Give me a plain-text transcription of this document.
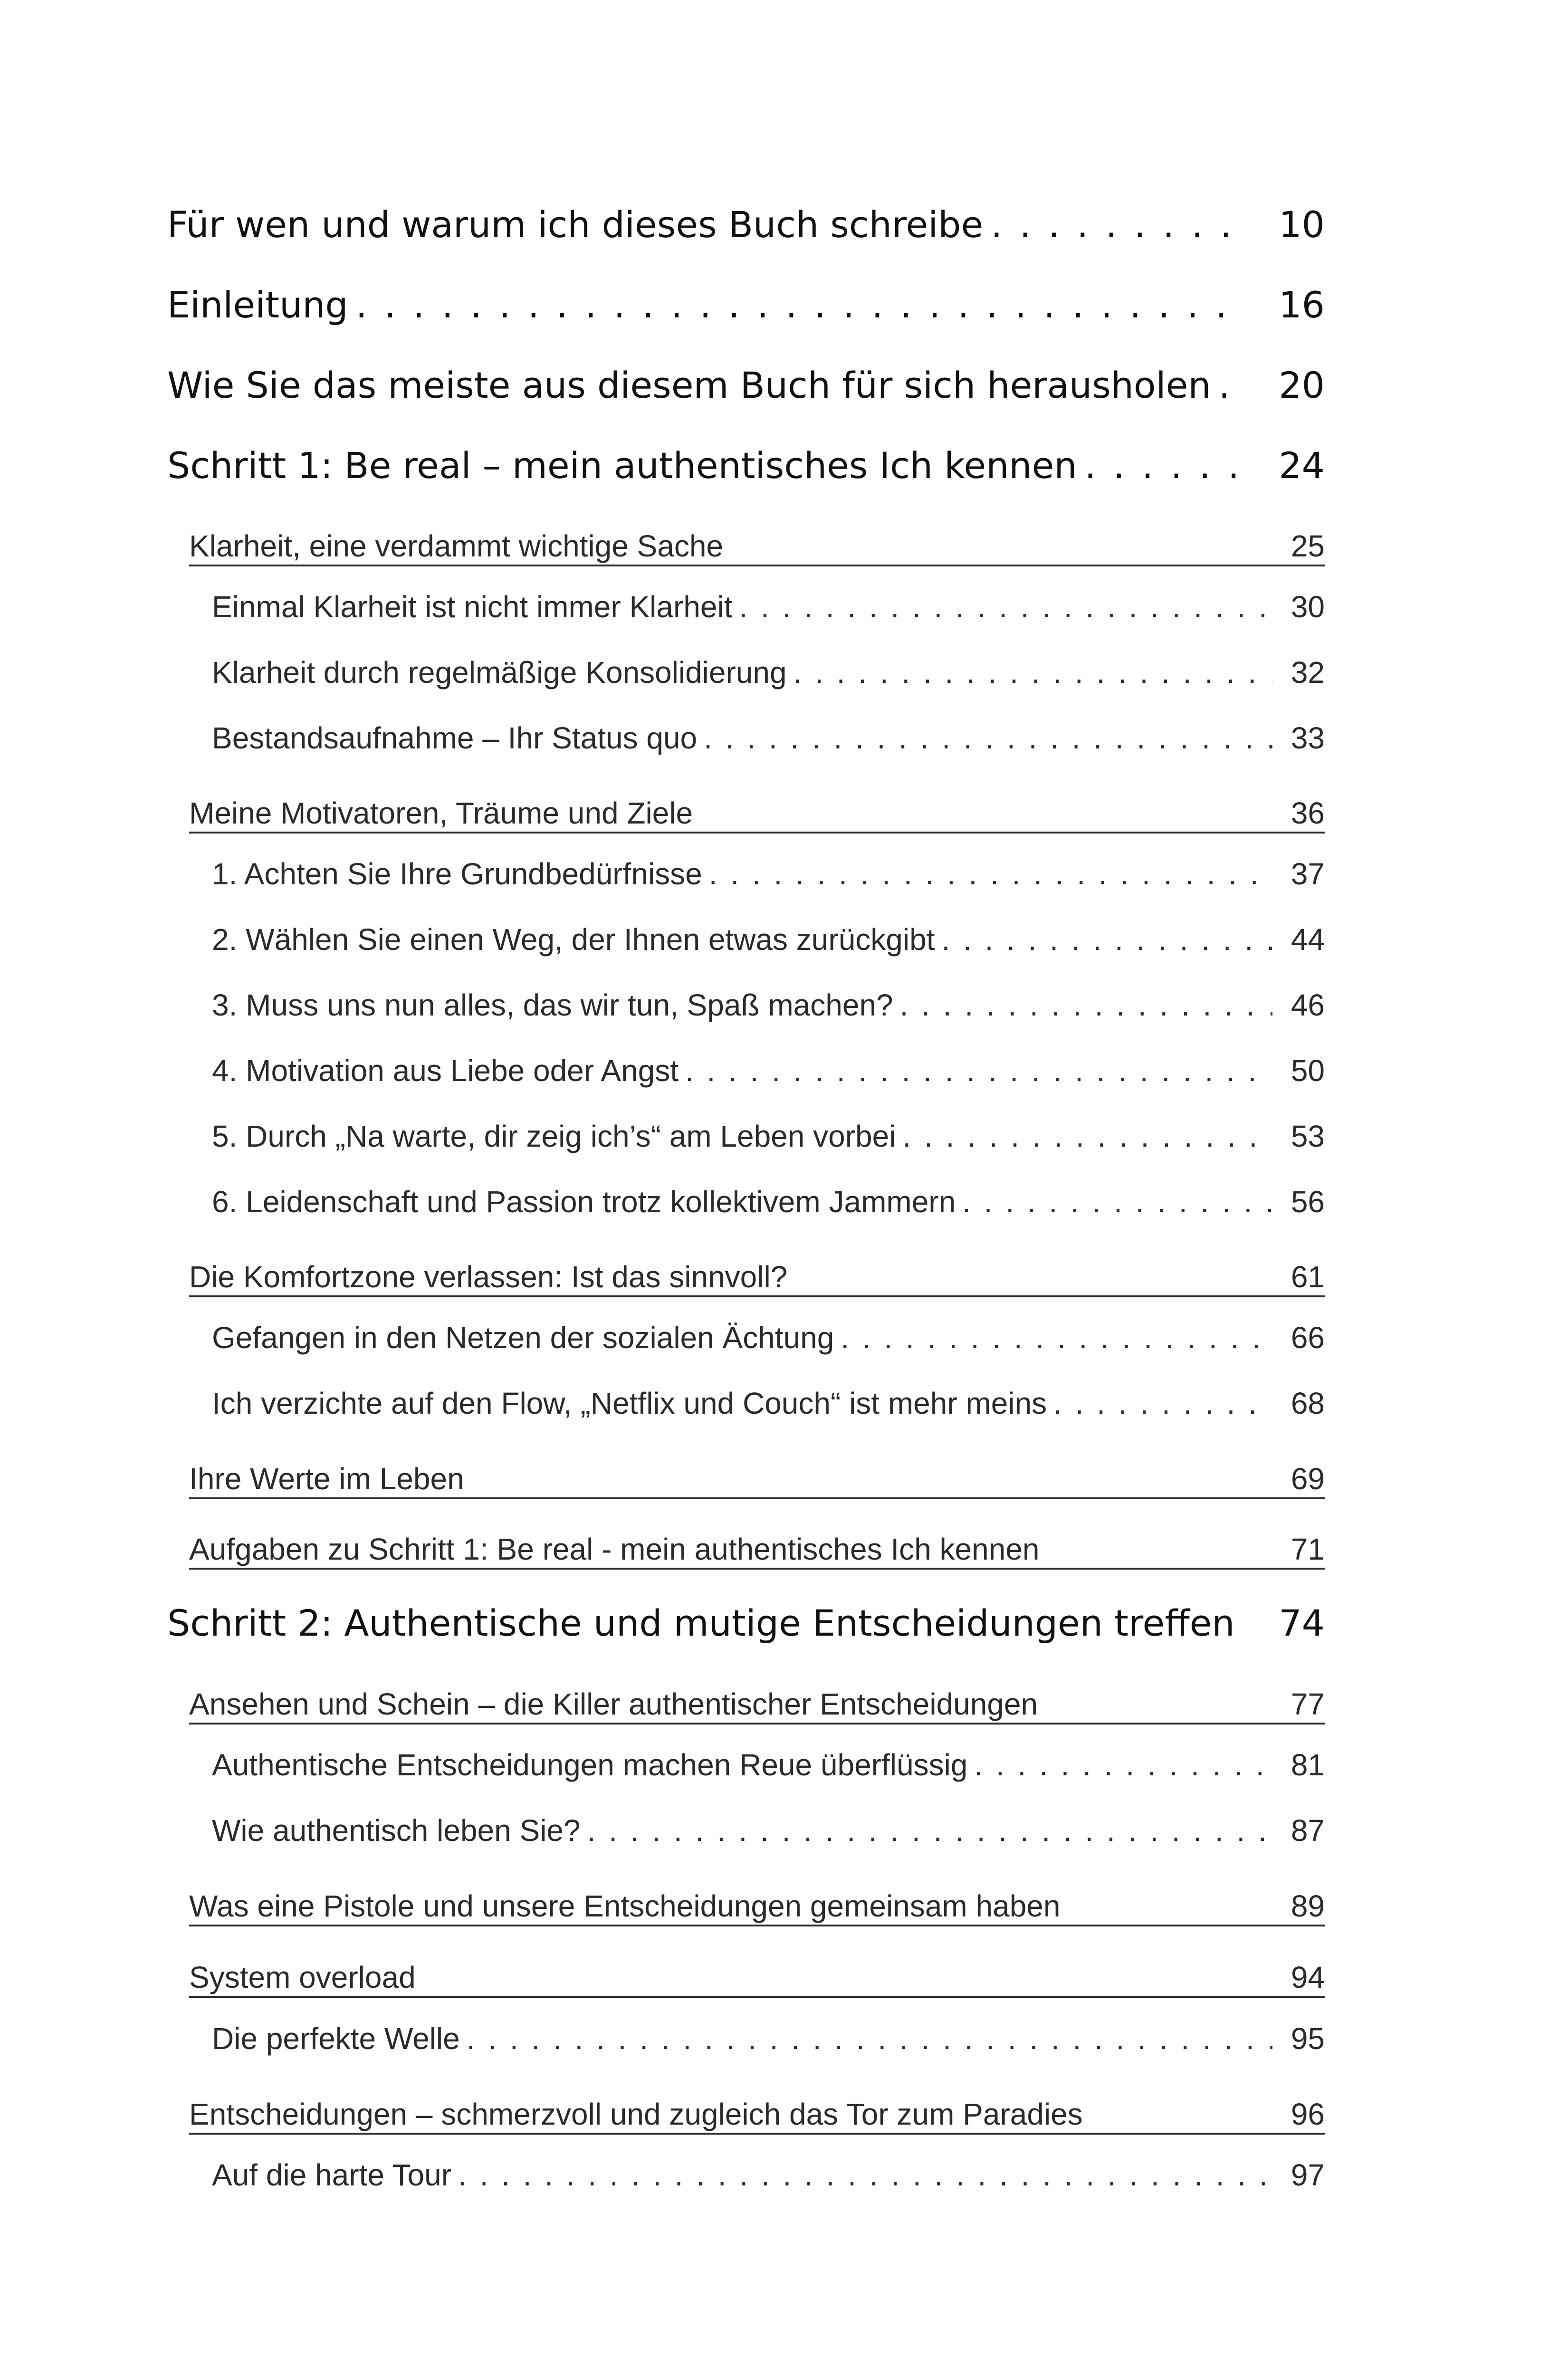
Für wen und warum ich dieses Buch schreibe . . .	10
Einleitung . . .	16
Wie Sie das meiste aus diesem Buch für sich herausholen . . .	20
Schritt 1: Be real – mein authentisches Ich kennen . . .	24
Klarheit, eine verdammt wichtige Sache	25
Einmal Klarheit ist nicht immer Klarheit . . .	30
Klarheit durch regelmäßige Konsolidierung . . .	32
Bestandsaufnahme – Ihr Status quo . . .	33
Meine Motivatoren, Träume und Ziele	36
1. Achten Sie Ihre Grundbedürfnisse . . .	37
2. Wählen Sie einen Weg, der Ihnen etwas zurückgibt . . .	44
3. Muss uns nun alles, das wir tun, Spaß machen? . . .	46
4. Motivation aus Liebe oder Angst . . .	50
5. Durch „Na warte, dir zeig ich’s“ am Leben vorbei . . .	53
6. Leidenschaft und Passion trotz kollektivem Jammern . . .	56
Die Komfortzone verlassen: Ist das sinnvoll?	61
Gefangen in den Netzen der sozialen Ächtung . . .	66
Ich verzichte auf den Flow, „Netflix und Couch“ ist mehr meins . . .	68
Ihre Werte im Leben	69
Aufgaben zu Schritt 1: Be real - mein authentisches Ich kennen	71
Schritt 2: Authentische und mutige Entscheidungen treffen . . .	74
Ansehen und Schein – die Killer authentischer Entscheidungen	77
Authentische Entscheidungen machen Reue überflüssig . . .	81
Wie authentisch leben Sie? . . .	87
Was eine Pistole und unsere Entscheidungen gemeinsam haben	89
System overload	94
Die perfekte Welle . . .	95
Entscheidungen – schmerzvoll und zugleich das Tor zum Paradies	96
Auf die harte Tour . . .	97
